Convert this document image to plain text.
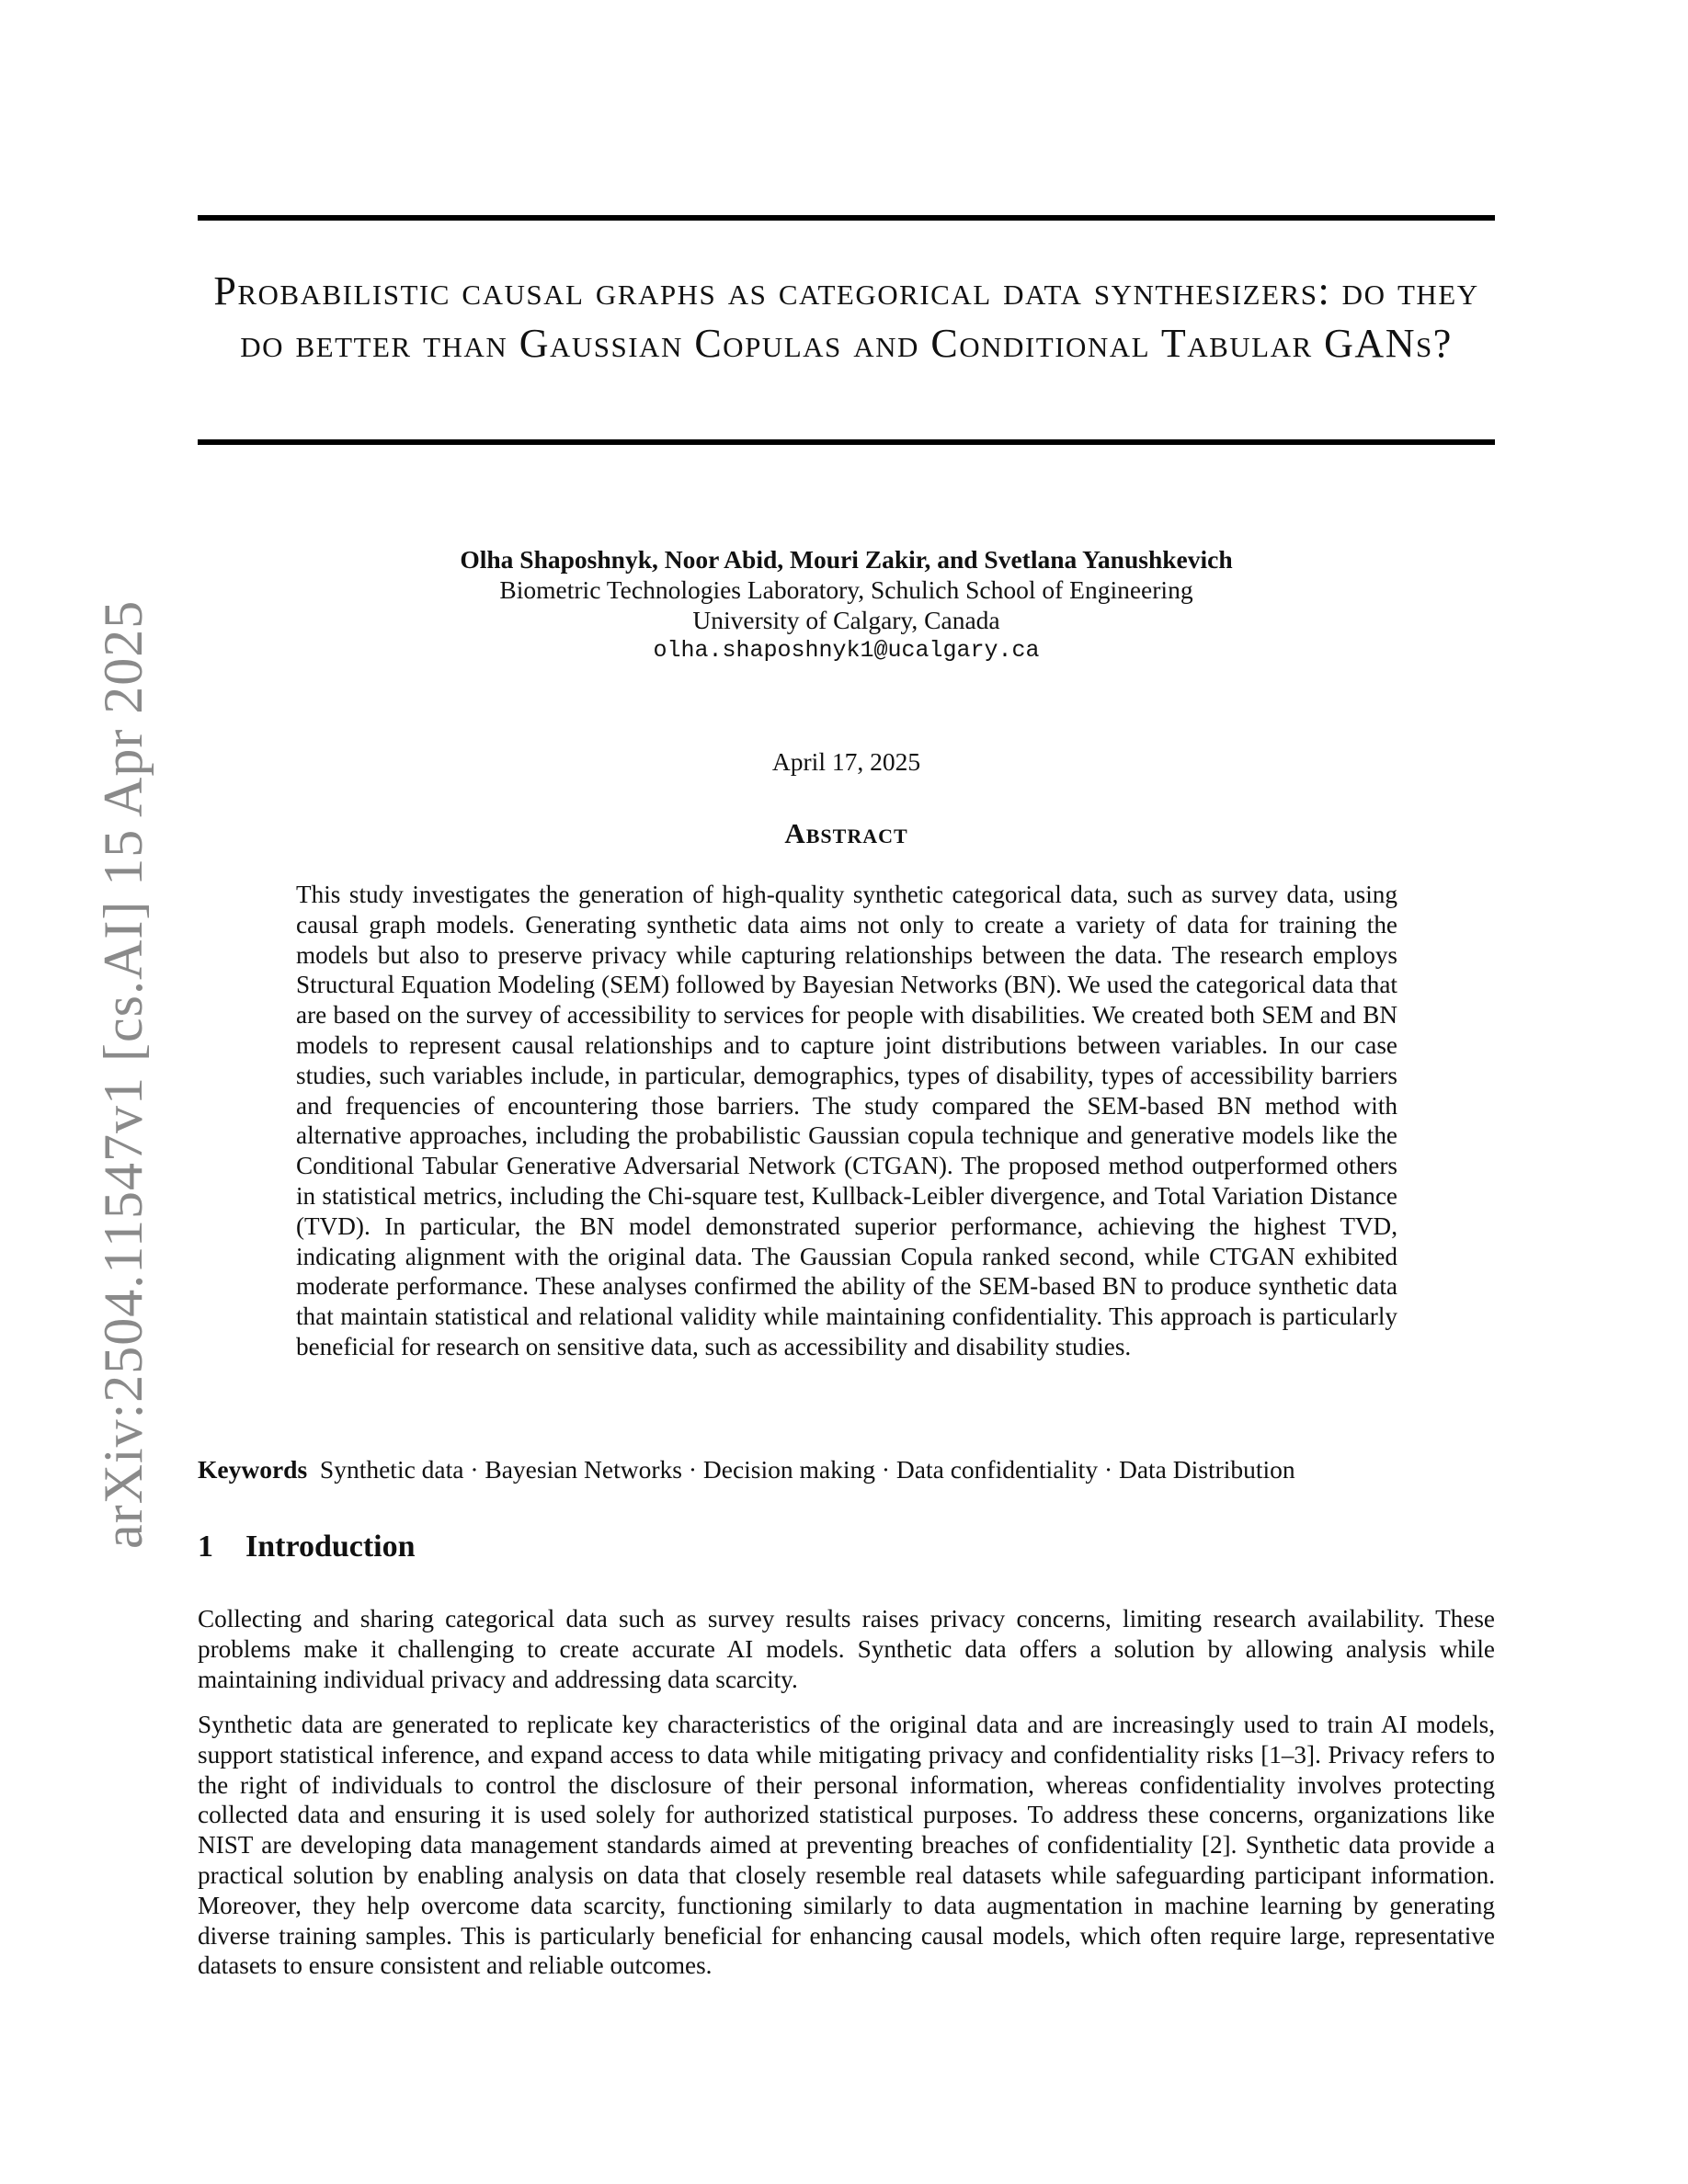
arXiv:2504.11547v1 [cs.AI] 15 Apr 2025
Probabilistic causal graphs as categorical data synthesizers: do they do better than Gaussian Copulas and Conditional Tabular GANs?
Olha Shaposhnyk, Noor Abid, Mouri Zakir, and Svetlana Yanushkevich
Biometric Technologies Laboratory, Schulich School of Engineering
University of Calgary, Canada
olha.shaposhnyk1@ucalgary.ca
April 17, 2025
Abstract

This study investigates the generation of high-quality synthetic categorical data, such as survey data, using causal graph models. Generating synthetic data aims not only to create a variety of data for training the models but also to preserve privacy while capturing relationships between the data. The research employs Structural Equation Modeling (SEM) followed by Bayesian Networks (BN). We used the categorical data that are based on the survey of accessibility to services for people with disabilities. We created both SEM and BN models to represent causal relationships and to capture joint distributions between variables. In our case studies, such variables include, in particular, demographics, types of disability, types of accessibility barriers and frequencies of encountering those barriers. The study compared the SEM-based BN method with alternative approaches, including the probabilistic Gaussian copula technique and generative models like the Conditional Tabular Generative Adversarial Network (CTGAN). The proposed method outperformed others in statistical metrics, including the Chi-square test, Kullback-Leibler divergence, and Total Variation Distance (TVD). In particular, the BN model demonstrated superior performance, achieving the highest TVD, indicating alignment with the original data. The Gaussian Copula ranked second, while CTGAN exhibited moderate performance. These analyses confirmed the ability of the SEM-based BN to produce synthetic data that maintain statistical and relational validity while maintaining confidentiality. This approach is particularly beneficial for research on sensitive data, such as accessibility and disability studies.

Keywords Synthetic data · Bayesian Networks · Decision making · Data confidentiality · Data Distribution

1 Introduction

Collecting and sharing categorical data such as survey results raises privacy concerns, limiting research availability. These problems make it challenging to create accurate AI models. Synthetic data offers a solution by allowing analysis while maintaining individual privacy and addressing data scarcity.

Synthetic data are generated to replicate key characteristics of the original data and are increasingly used to train AI models, support statistical inference, and expand access to data while mitigating privacy and confidentiality risks [1–3]. Privacy refers to the right of individuals to control the disclosure of their personal information, whereas confidentiality involves protecting collected data and ensuring it is used solely for authorized statistical purposes. To address these concerns, organizations like NIST are developing data management standards aimed at preventing breaches of confidentiality [2]. Synthetic data provide a practical solution by enabling analysis on data that closely resemble real datasets while safeguarding participant information. Moreover, they help overcome data scarcity, functioning similarly to data augmentation in machine learning by generating diverse training samples. This is particularly beneficial for enhancing causal models, which often require large, representative datasets to ensure consistent and reliable outcomes.
